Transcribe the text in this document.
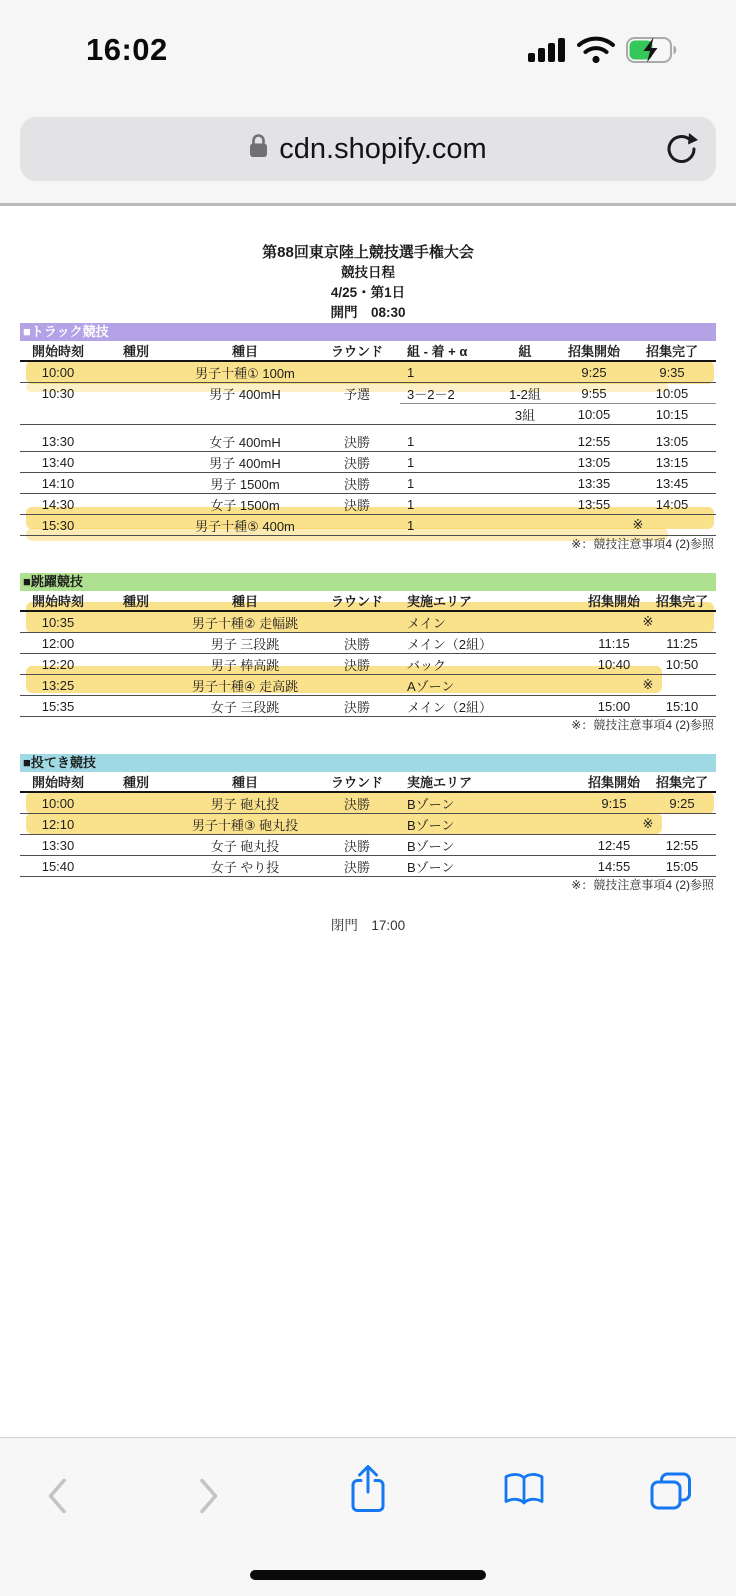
16:02
cdn.shopify.com
第88回東京陸上競技選手権大会
競技日程
4/25・第1日
開門　08:30
■トラック競技
開始時刻	種別	種目	ラウンド	組 - 着 + α	組	招集開始	招集完了
10:00		男子十種① 100m		1		9:25	9:35
10:30		男子 400mH	予選	3－2－2	1-2組	9:55	10:05
					3組	10:05	10:15

13:30		女子 400mH	決勝	1		12:55	13:05
13:40		男子 400mH	決勝	1		13:05	13:15
14:10		男子 1500m	決勝	1		13:35	13:45
14:30		女子 1500m	決勝	1		13:55	14:05
15:30		男子十種⑤ 400m		1		※	
※：競技注意事項4 (2)参照
■跳躍競技
開始時刻	種別	種目	ラウンド	実施エリア	招集開始	招集完了
10:35		男子十種② 走幅跳		メイン	※	
12:00		男子 三段跳	決勝	メイン（2組）	11:15	11:25
12:20		男子 棒高跳	決勝	バック	10:40	10:50
13:25		男子十種④ 走高跳		Aゾーン	※	
15:35		女子 三段跳	決勝	メイン（2組）	15:00	15:10
※：競技注意事項4 (2)参照
■投てき競技
開始時刻	種別	種目	ラウンド	実施エリア	招集開始	招集完了
10:00		男子 砲丸投	決勝	Bゾーン	9:15	9:25
12:10		男子十種③ 砲丸投		Bゾーン	※	
13:30		女子 砲丸投	決勝	Bゾーン	12:45	12:55
15:40		女子 やり投	決勝	Bゾーン	14:55	15:05
※：競技注意事項4 (2)参照
閉門　17:00
